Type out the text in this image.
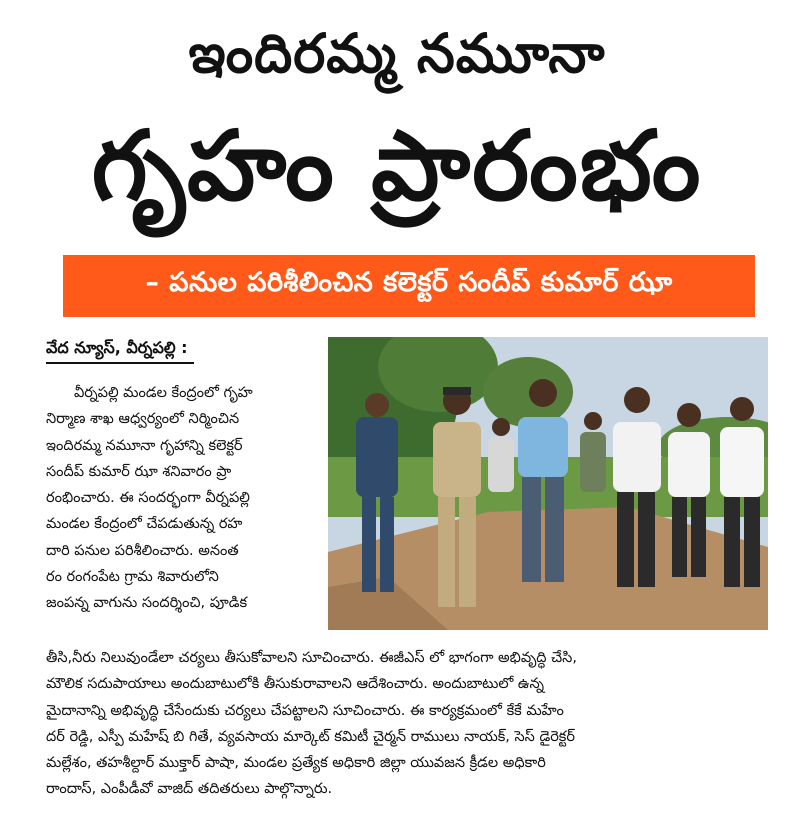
ఇందిరమ్మ నమూనా
గృహం ప్రారంభం
– పనుల పరిశీలించిన కలెక్టర్ సందీప్ కుమార్ ఝా
వేద న్యూస్, వీర్నపల్లి :
వీర్నపల్లి మండల కేంద్రంలో గృహ
నిర్మాణ శాఖ ఆధ్వర్యంలో నిర్మించిన
ఇందిరమ్మ నమూనా గృహాన్ని కలెక్టర్
సందీప్ కుమార్ ఝా శనివారం ప్రా
రంభించారు. ఈ సందర్భంగా వీర్నపల్లి
మండల కేంద్రంలో చేపడుతున్న రహ
దారి పనుల పరిశీలించారు. అనంత
రం రంగంపేట గ్రామ శివారులోని
జంపన్న వాగును సందర్శించి, పూడిక
తీసి,నీరు నిలువుండేలా చర్యలు తీసుకోవాలని సూచించారు. ఈజీఎస్ లో భాగంగా అభివృద్ధి చేసి,
మౌలిక సదుపాయాలు అందుబాటులోకి తీసుకురావాలని ఆదేశించారు. అందుబాటులో ఉన్న
మైదానాన్ని అభివృద్ధి చేసేందుకు చర్యలు చేపట్టాలని సూచించారు. ఈ కార్యక్రమంలో కేకే మహేం
దర్ రెడ్డి, ఎస్పీ మహేష్ బి గితే, వ్యవసాయ మార్కెట్ కమిటీ చైర్మన్ రాములు నాయక్, సెస్ డైరెక్టర్
మల్లేశం, తహశీల్దార్ ముక్తార్ పాషా, మండల ప్రత్యేక అధికారి జిల్లా యువజన క్రీడల అధికారి
రాందాస్, ఎంపీడీవో వాజిద్ తదితరులు పాల్గొన్నారు.
